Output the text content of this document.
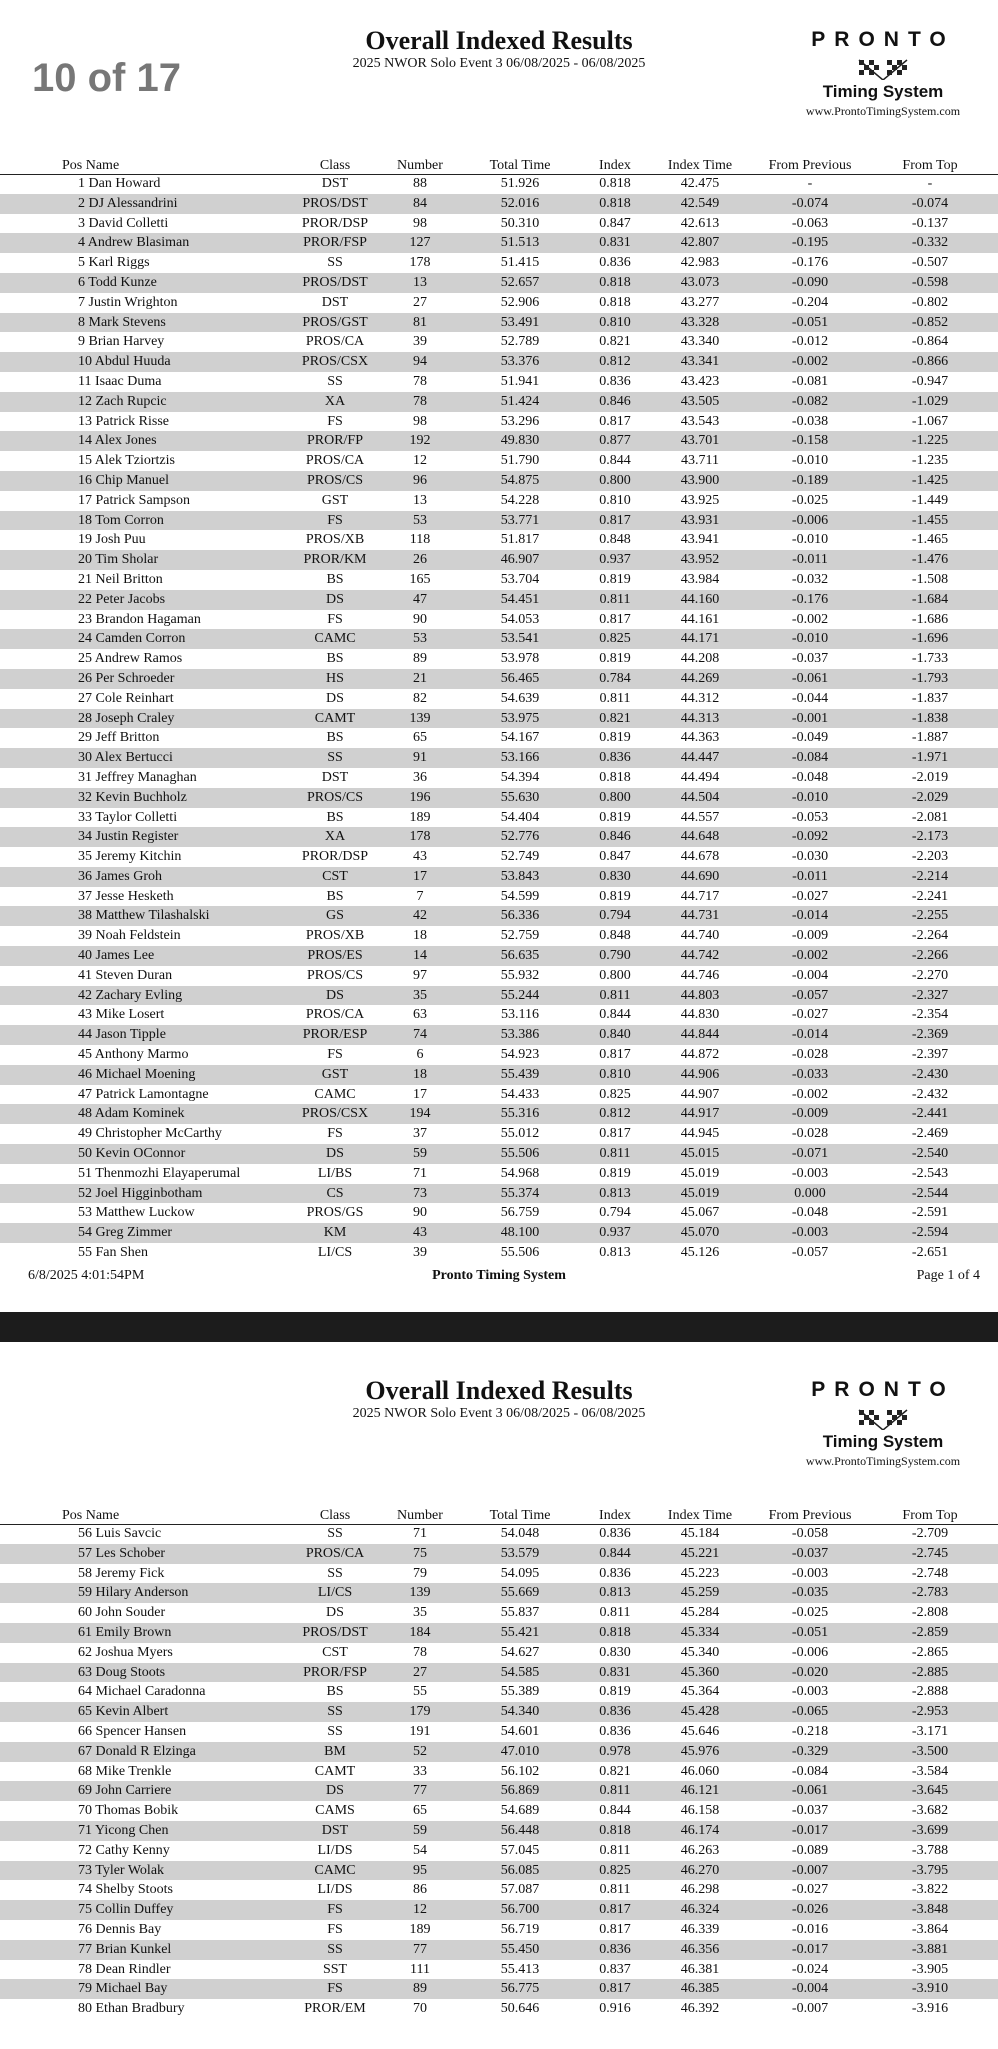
10 of 17
Overall Indexed Results
2025 NWOR Solo Event 3 06/08/2025 - 06/08/2025
PRONTO
Timing System
www.ProntoTimingSystem.com
Pos Name	Class	Number	Total Time	Index	Index Time	From Previous	From Top
1 Dan Howard	DST	88	51.926	0.818	42.475	-	-
2 DJ Alessandrini	PROS/DST	84	52.016	0.818	42.549	-0.074	-0.074
3 David Colletti	PROR/DSP	98	50.310	0.847	42.613	-0.063	-0.137
4 Andrew Blasiman	PROR/FSP	127	51.513	0.831	42.807	-0.195	-0.332
5 Karl Riggs	SS	178	51.415	0.836	42.983	-0.176	-0.507
6 Todd Kunze	PROS/DST	13	52.657	0.818	43.073	-0.090	-0.598
7 Justin Wrighton	DST	27	52.906	0.818	43.277	-0.204	-0.802
8 Mark Stevens	PROS/GST	81	53.491	0.810	43.328	-0.051	-0.852
9 Brian Harvey	PROS/CA	39	52.789	0.821	43.340	-0.012	-0.864
10 Abdul Huuda	PROS/CSX	94	53.376	0.812	43.341	-0.002	-0.866
11 Isaac Duma	SS	78	51.941	0.836	43.423	-0.081	-0.947
12 Zach Rupcic	XA	78	51.424	0.846	43.505	-0.082	-1.029
13 Patrick Risse	FS	98	53.296	0.817	43.543	-0.038	-1.067
14 Alex Jones	PROR/FP	192	49.830	0.877	43.701	-0.158	-1.225
15 Alek Tziortzis	PROS/CA	12	51.790	0.844	43.711	-0.010	-1.235
16 Chip Manuel	PROS/CS	96	54.875	0.800	43.900	-0.189	-1.425
17 Patrick Sampson	GST	13	54.228	0.810	43.925	-0.025	-1.449
18 Tom Corron	FS	53	53.771	0.817	43.931	-0.006	-1.455
19 Josh Puu	PROS/XB	118	51.817	0.848	43.941	-0.010	-1.465
20 Tim Sholar	PROR/KM	26	46.907	0.937	43.952	-0.011	-1.476
21 Neil Britton	BS	165	53.704	0.819	43.984	-0.032	-1.508
22 Peter Jacobs	DS	47	54.451	0.811	44.160	-0.176	-1.684
23 Brandon Hagaman	FS	90	54.053	0.817	44.161	-0.002	-1.686
24 Camden Corron	CAMC	53	53.541	0.825	44.171	-0.010	-1.696
25 Andrew Ramos	BS	89	53.978	0.819	44.208	-0.037	-1.733
26 Per Schroeder	HS	21	56.465	0.784	44.269	-0.061	-1.793
27 Cole Reinhart	DS	82	54.639	0.811	44.312	-0.044	-1.837
28 Joseph Craley	CAMT	139	53.975	0.821	44.313	-0.001	-1.838
29 Jeff Britton	BS	65	54.167	0.819	44.363	-0.049	-1.887
30 Alex Bertucci	SS	91	53.166	0.836	44.447	-0.084	-1.971
31 Jeffrey Managhan	DST	36	54.394	0.818	44.494	-0.048	-2.019
32 Kevin Buchholz	PROS/CS	196	55.630	0.800	44.504	-0.010	-2.029
33 Taylor Colletti	BS	189	54.404	0.819	44.557	-0.053	-2.081
34 Justin Register	XA	178	52.776	0.846	44.648	-0.092	-2.173
35 Jeremy Kitchin	PROR/DSP	43	52.749	0.847	44.678	-0.030	-2.203
36 James Groh	CST	17	53.843	0.830	44.690	-0.011	-2.214
37 Jesse Hesketh	BS	7	54.599	0.819	44.717	-0.027	-2.241
38 Matthew Tilashalski	GS	42	56.336	0.794	44.731	-0.014	-2.255
39 Noah Feldstein	PROS/XB	18	52.759	0.848	44.740	-0.009	-2.264
40 James Lee	PROS/ES	14	56.635	0.790	44.742	-0.002	-2.266
41 Steven Duran	PROS/CS	97	55.932	0.800	44.746	-0.004	-2.270
42 Zachary Evling	DS	35	55.244	0.811	44.803	-0.057	-2.327
43 Mike Losert	PROS/CA	63	53.116	0.844	44.830	-0.027	-2.354
44 Jason Tipple	PROR/ESP	74	53.386	0.840	44.844	-0.014	-2.369
45 Anthony Marmo	FS	6	54.923	0.817	44.872	-0.028	-2.397
46 Michael Moening	GST	18	55.439	0.810	44.906	-0.033	-2.430
47 Patrick Lamontagne	CAMC	17	54.433	0.825	44.907	-0.002	-2.432
48 Adam Kominek	PROS/CSX	194	55.316	0.812	44.917	-0.009	-2.441
49 Christopher McCarthy	FS	37	55.012	0.817	44.945	-0.028	-2.469
50 Kevin OConnor	DS	59	55.506	0.811	45.015	-0.071	-2.540
51 Thenmozhi Elayaperumal	LI/BS	71	54.968	0.819	45.019	-0.003	-2.543
52 Joel Higginbotham	CS	73	55.374	0.813	45.019	0.000	-2.544
53 Matthew Luckow	PROS/GS	90	56.759	0.794	45.067	-0.048	-2.591
54 Greg Zimmer	KM	43	48.100	0.937	45.070	-0.003	-2.594
55 Fan Shen	LI/CS	39	55.506	0.813	45.126	-0.057	-2.651
6/8/2025 4:01:54PM	Pronto Timing System	Page 1 of 4
Overall Indexed Results
2025 NWOR Solo Event 3 06/08/2025 - 06/08/2025
PRONTO
Timing System
www.ProntoTimingSystem.com
Pos Name	Class	Number	Total Time	Index	Index Time	From Previous	From Top
56 Luis Savcic	SS	71	54.048	0.836	45.184	-0.058	-2.709
57 Les Schober	PROS/CA	75	53.579	0.844	45.221	-0.037	-2.745
58 Jeremy Fick	SS	79	54.095	0.836	45.223	-0.003	-2.748
59 Hilary Anderson	LI/CS	139	55.669	0.813	45.259	-0.035	-2.783
60 John Souder	DS	35	55.837	0.811	45.284	-0.025	-2.808
61 Emily Brown	PROS/DST	184	55.421	0.818	45.334	-0.051	-2.859
62 Joshua Myers	CST	78	54.627	0.830	45.340	-0.006	-2.865
63 Doug Stoots	PROR/FSP	27	54.585	0.831	45.360	-0.020	-2.885
64 Michael Caradonna	BS	55	55.389	0.819	45.364	-0.003	-2.888
65 Kevin Albert	SS	179	54.340	0.836	45.428	-0.065	-2.953
66 Spencer Hansen	SS	191	54.601	0.836	45.646	-0.218	-3.171
67 Donald R Elzinga	BM	52	47.010	0.978	45.976	-0.329	-3.500
68 Mike Trenkle	CAMT	33	56.102	0.821	46.060	-0.084	-3.584
69 John Carriere	DS	77	56.869	0.811	46.121	-0.061	-3.645
70 Thomas Bobik	CAMS	65	54.689	0.844	46.158	-0.037	-3.682
71 Yicong Chen	DST	59	56.448	0.818	46.174	-0.017	-3.699
72 Cathy Kenny	LI/DS	54	57.045	0.811	46.263	-0.089	-3.788
73 Tyler Wolak	CAMC	95	56.085	0.825	46.270	-0.007	-3.795
74 Shelby Stoots	LI/DS	86	57.087	0.811	46.298	-0.027	-3.822
75 Collin Duffey	FS	12	56.700	0.817	46.324	-0.026	-3.848
76 Dennis Bay	FS	189	56.719	0.817	46.339	-0.016	-3.864
77 Brian Kunkel	SS	77	55.450	0.836	46.356	-0.017	-3.881
78 Dean Rindler	SST	111	55.413	0.837	46.381	-0.024	-3.905
79 Michael Bay	FS	89	56.775	0.817	46.385	-0.004	-3.910
80 Ethan Bradbury	PROR/EM	70	50.646	0.916	46.392	-0.007	-3.916
